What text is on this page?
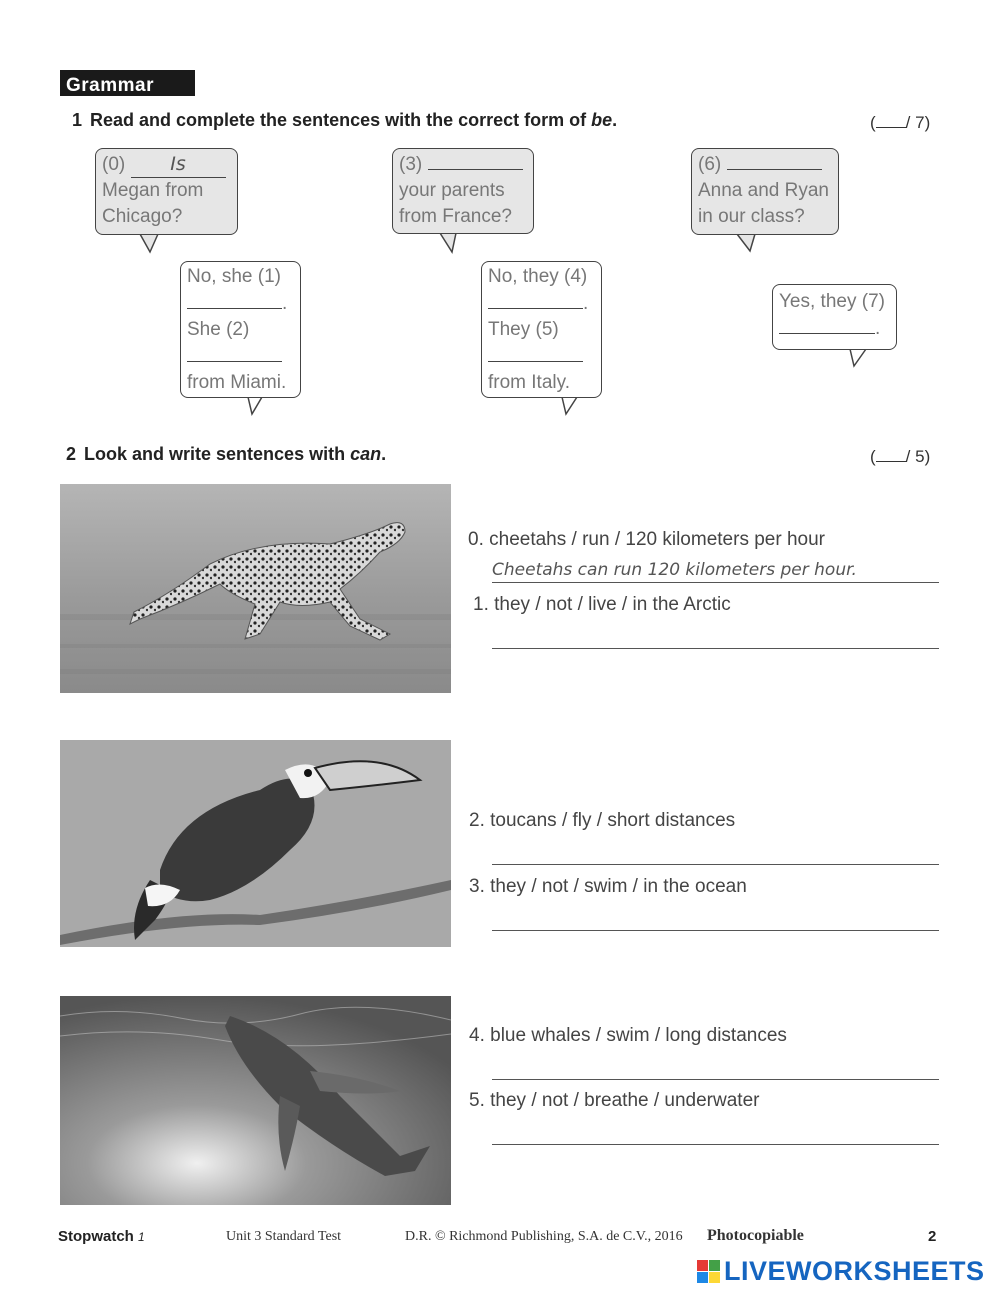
Grammar
1 Read and complete the sentences with the correct form of be.	( / 7)
(0) Is
Megan from
Chicago?
(3)
your parents
from France?
(6)
Anna and Ryan
in our class?
No, she (1)
.
She (2)
from Miami.
No, they (4)
.
They (5)
from Italy.
Yes, they (7)
.
2 Look and write sentences with can.	( / 5)
0. cheetahs / run / 120 kilometers per hour
Cheetahs can run 120 kilometers per hour.
1. they / not / live / in the Arctic
2. toucans / fly / short distances
3. they / not / swim / in the ocean
4. blue whales / swim / long distances
5. they / not / breathe / underwater
Stopwatch 1	Unit 3 Standard Test	D.R. © Richmond Publishing, S.A. de C.V., 2016 Photocopiable	2
LIVEWORKSHEETS
